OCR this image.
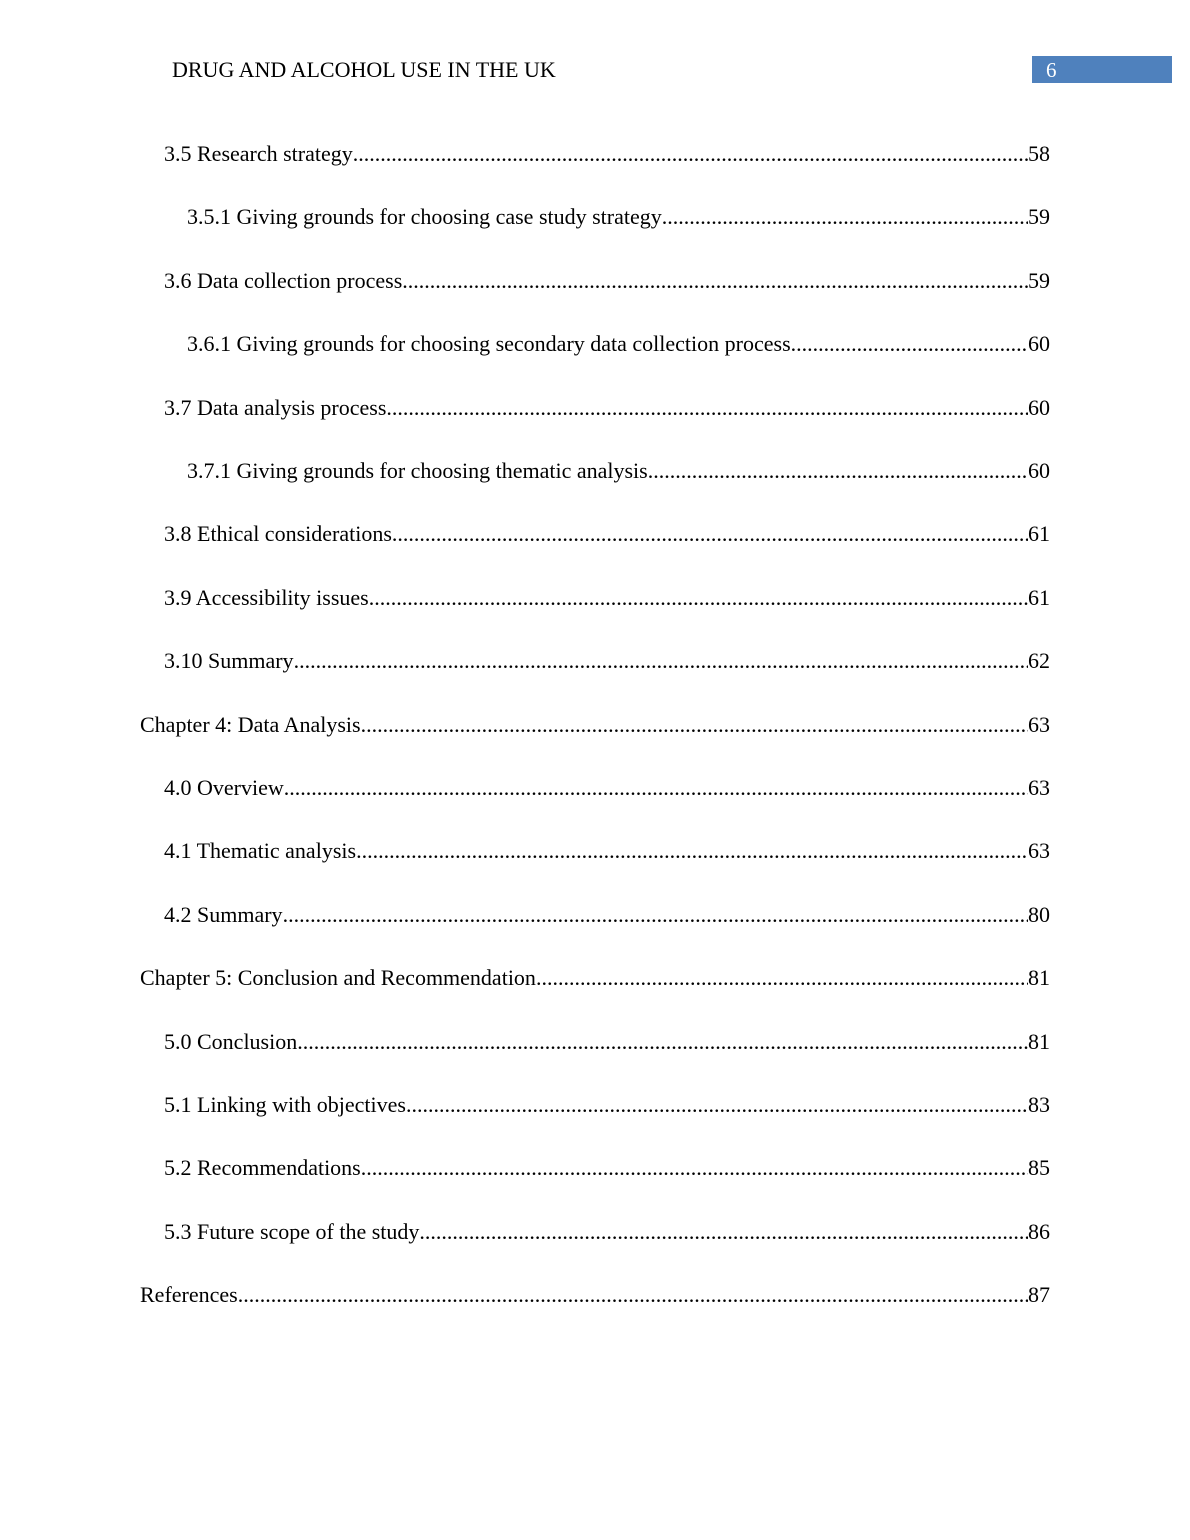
DRUG AND ALCOHOL USE IN THE UK	6
3.5 Research strategy .....	58
3.5.1 Giving grounds for choosing case study strategy .....	59
3.6 Data collection process .....	59
3.6.1 Giving grounds for choosing secondary data collection process .....	60
3.7 Data analysis process .....	60
3.7.1 Giving grounds for choosing thematic analysis .....	60
3.8 Ethical considerations .....	61
3.9 Accessibility issues .....	61
3.10 Summary .....	62
Chapter 4: Data Analysis .....	63
4.0 Overview .....	63
4.1 Thematic analysis .....	63
4.2 Summary .....	80
Chapter 5: Conclusion and Recommendation .....	81
5.0 Conclusion .....	81
5.1 Linking with objectives .....	83
5.2 Recommendations .....	85
5.3 Future scope of the study .....	86
References .....	87
